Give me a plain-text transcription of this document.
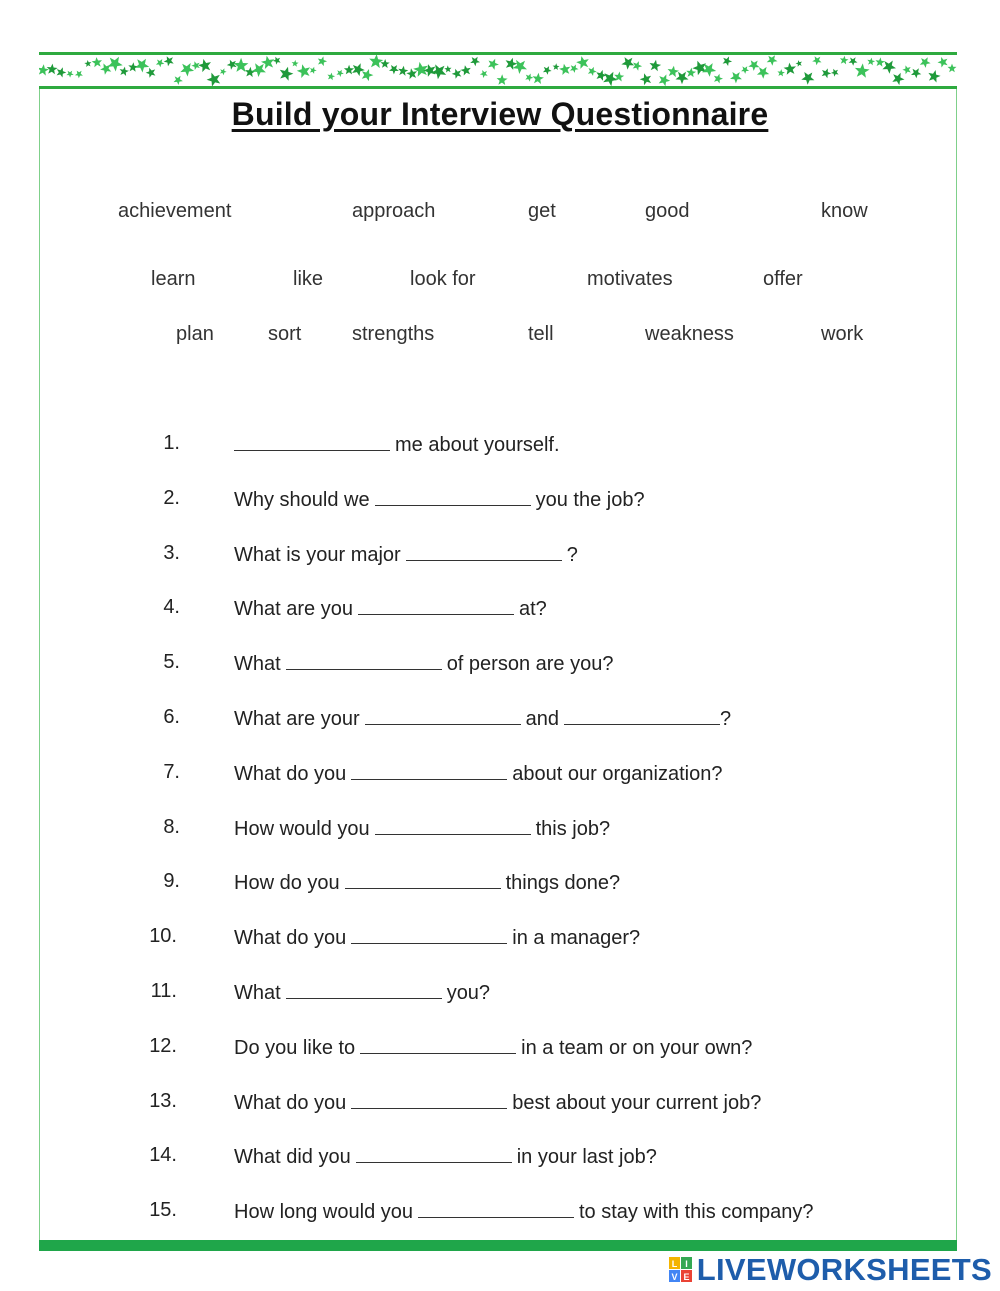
Build your Interview Questionnaire
achievement	approach	get	good	know
learn	like	look for	motivates	offer
plan	sort	strengths	tell	weakness	work
1.	me about yourself.
2.	Why should we	you the job?
3.	What is your major	?
4.	What are you	at?
5.	What	of person are you?
6.	What are your	and	?
7.	What do you	about our organization?
8.	How would you	this job?
9.	How do you	things done?
10.	What do you	in a manager?
11.	What	you?
12.	Do you like to	in a team or on your own?
13.	What do you	best about your current job?
14.	What did you	in your last job?
15.	How long would you	to stay with this company?
L I
V E LIVEWORKSHEETS
